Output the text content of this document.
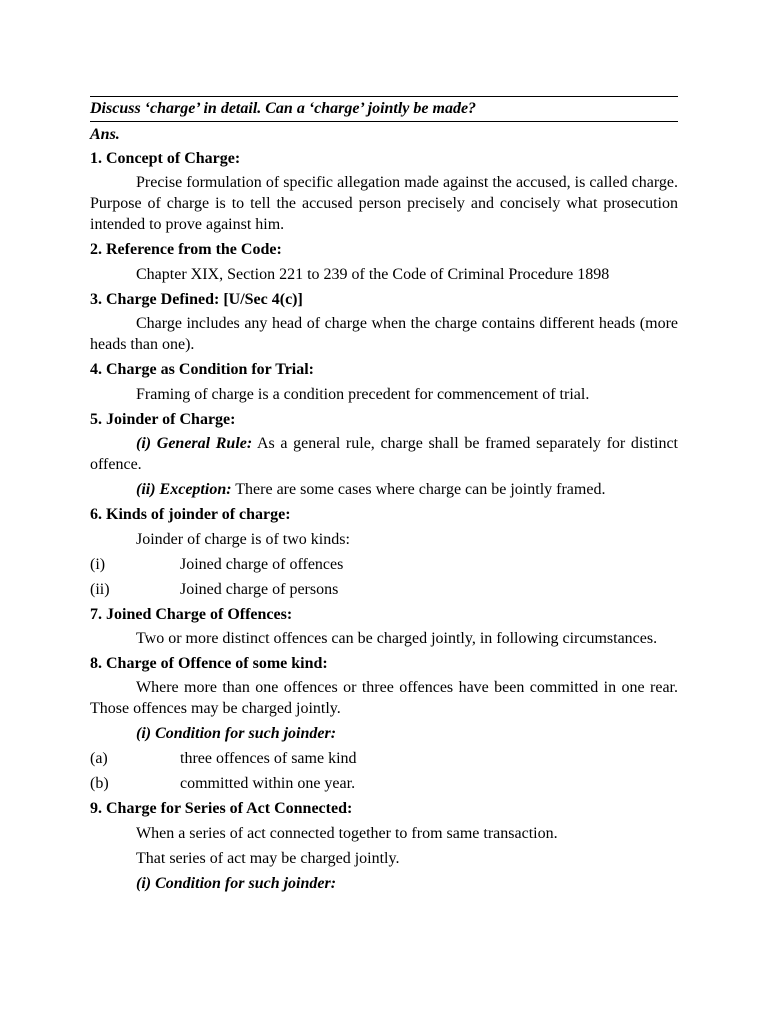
Discuss ‘charge’ in detail. Can a ‘charge’ jointly be made?
Ans.
1. Concept of Charge:
Precise formulation of specific allegation made against the accused, is called charge. Purpose of charge is to tell the accused person precisely and concisely what prosecution intended to prove against him.
2. Reference from the Code:
Chapter XIX, Section 221 to 239 of the Code of Criminal Procedure 1898
3. Charge Defined: [U/Sec 4(c)]
Charge includes any head of charge when the charge contains different heads (more heads than one).
4. Charge as Condition for Trial:
Framing of charge is a condition precedent for commencement of trial.
5. Joinder of Charge:
(i) General Rule: As a general rule, charge shall be framed separately for distinct offence.
(ii) Exception: There are some cases where charge can be jointly framed.
6. Kinds of joinder of charge:
Joinder of charge is of two kinds:
(i)	Joined charge of offences
(ii)	Joined charge of persons
7. Joined Charge of Offences:
Two or more distinct offences can be charged jointly, in following circumstances.
8. Charge of Offence of some kind:
Where more than one offences or three offences have been committed in one rear. Those offences may be charged jointly.
(i) Condition for such joinder:
(a)	three offences of same kind
(b)	committed within one year.
9. Charge for Series of Act Connected:
When a series of act connected together to from same transaction.
That series of act may be charged jointly.
(i) Condition for such joinder:
